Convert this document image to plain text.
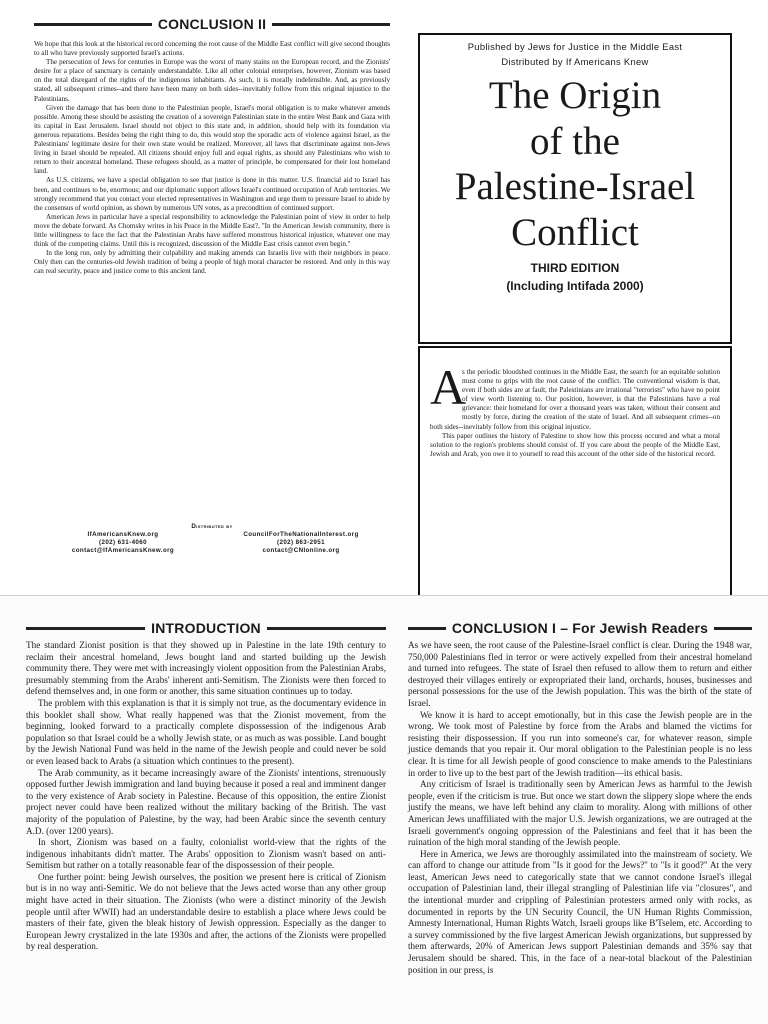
CONCLUSION II

We hope that this look at the historical record concerning the root cause of the Middle East conflict will give second thoughts to all who have previously supported Israel's actions.

The persecution of Jews for centuries in Europe was the worst of many stains on the European record, and the Zionists' desire for a place of sanctuary is certainly understandable. Like all other colonial enterprises, however, Zionism was based on the total disregard of the rights of the indigenous inhabitants. As such, it is morally indefensible. And, as previously stated, all subsequent crimes--and there have been many on both sides--inevitably follow from this original injustice to the Palestinians.

Given the damage that has been done to the Palestinian people, Israel's moral obligation is to make whatever amends possible. Among these should be assisting the creation of a sovereign Palestinian state in the entire West Bank and Gaza with its capital in East Jerusalem. Israel should not object to this state and, in addition, should help with its foundation via generous reparations. Besides being the right thing to do, this would stop the sporadic acts of violence against Israel, as the Palestinians' legitimate desire for their own state would be realized. Moreover, all laws that discriminate against non-Jews living in Israel should be repealed. All citizens should enjoy full and equal rights, as should any Palestinians who wish to return to their ancestral homeland. These refugees should, as a matter of principle, be compensated for their lost homeland land.

As U.S. citizens, we have a special obligation to see that justice is done in this matter. U.S. financial aid to Israel has been, and continues to be, enormous; and our diplomatic support allows Israel's continued occupation of Arab territories. We strongly recommend that you contact your elected representatives in Washington and urge them to pressure Israel to abide by the consensus of world opinion, as shown by numerous UN votes, as a precondition of continued support.

American Jews in particular have a special responsibility to acknowledge the Palestinian point of view in order to help move the debate forward. As Chomsky writes in his Peace in the Middle East?, "In the American Jewish community, there is little willingness to face the fact that the Palestinian Arabs have suffered monstrous historical injustice, whatever one may think of the competing claims. Until this is recognized, discussion of the Middle East crisis cannot even begin."

In the long run, only by admitting their culpability and making amends can Israelis live with their neighbors in peace. Only then can the centuries-old Jewish tradition of being a people of high moral character be restored. And only in this way can real security, peace and justice come to this ancient land.

Distributed by
IfAmericansKnew.org	CouncilForTheNationalInterest.org
(202) 631-4060	(202) 863-2951
contact@IfAmericansKnew.org	contact@CNIonline.org
Published by Jews for Justice in the Middle East
Distributed by If Americans Knew
The Origin
of the
Palestine-Israel
Conflict
THIRD EDITION
(Including Intifada 2000)
A

s the periodic bloodshed continues in the Middle East, the search for an equitable solution must come to grips with the root cause of the conflict. The conventional wisdom is that, even if both sides are at fault, the Palestinians are irrational "terrorists" who have no point of view worth listening to. Our position, however, is that the Palestinians have a real grievance: their homeland for over a thousand years was taken, without their consent and mostly by force, during the creation of the state of Israel. And all subsequent crimes--on both sides--inevitably follow from this original injustice.

This paper outlines the history of Palestine to show how this process occured and what a moral solution to the region's problems should consist of. If you care about the people of the Middle East, Jewish and Arab, you owe it to yourself to read this account of the other side of the historical record.

INTRODUCTION

The standard Zionist position is that they showed up in Palestine in the late 19th century to reclaim their ancestral homeland, Jews bought land and started building up the Jewish community there. They were met with increasingly violent opposition from the Palestinian Arabs, presumably stemming from the Arabs' inherent anti-Semitism. The Zionists were then forced to defend themselves and, in one form or another, this same situation continues up to today.

The problem with this explanation is that it is simply not true, as the documentary evidence in this booklet shall show. What really happened was that the Zionist movement, from the beginning, looked forward to a practically complete dispossession of the indigenous Arab population so that Israel could be a wholly Jewish state, or as much as was possible. Land bought by the Jewish National Fund was held in the name of the Jewish people and could never be sold or even leased back to Arabs (a situation which continues to the present).

The Arab community, as it became increasingly aware of the Zionists' intentions, strenuously opposed further Jewish immigration and land buying because it posed a real and imminent danger to the very existence of Arab society in Palestine. Because of this opposition, the entire Zionist project never could have been realized without the military backing of the British. The vast majority of the population of Palestine, by the way, had been Arabic since the seventh century A.D. (over 1200 years).

In short, Zionism was based on a faulty, colonialist world-view that the rights of the indigenous inhabitants didn't matter. The Arabs' opposition to Zionism wasn't based on anti-Semitism but rather on a totally reasonable fear of the dispossession of their people.

One further point: being Jewish ourselves, the position we present here is critical of Zionism but is in no way anti-Semitic. We do not believe that the Jews acted worse than any other group might have acted in their situation. The Zionists (who were a distinct minority of the Jewish people until after WWII) had an understandable desire to establish a place where Jews could be masters of their fate, given the bleak history of Jewish oppression. Especially as the danger to European Jewry crystalized in the late 1930s and after, the actions of the Zionists were propelled by real desperation.

CONCLUSION I – For Jewish Readers

As we have seen, the root cause of the Palestine-Israel conflict is clear. During the 1948 war, 750,000 Palestinians fled in terror or were actively expelled from their ancestral homeland and turned into refugees. The state of Israel then refused to allow them to return and either destroyed their villages entirely or expropriated their land, orchards, houses, businesses and personal possessions for the use of the Jewish population. This was the birth of the state of Israel.

We know it is hard to accept emotionally, but in this case the Jewish people are in the wrong. We took most of Palestine by force from the Arabs and blamed the victims for resisting their dispossession. If you run into someone's car, for whatever reason, simple justice demands that you repair it. Our moral obligation to the Palestinian people is no less clear. It is time for all Jewish people of good conscience to make amends to the Palestinians in order to live up to the best part of the Jewish tradition—its ethical basis.

Any criticism of Israel is traditionally seen by American Jews as harmful to the Jewish people, even if the criticism is true. But once we start down the slippery slope where the ends justify the means, we have left behind any claim to morality. Along with millions of other American Jews unaffiliated with the major U.S. Jewish organizations, we are outraged at the Israeli government's ongoing oppression of the Palestinians and feel that it has been the ruination of the high moral standing of the Jewish people.

Here in America, we Jews are thoroughly assimilated into the mainstream of society. We can afford to change our attitude from "Is it good for the Jews?" to "Is it good?" At the very least, American Jews need to categorically state that we cannot condone Israel's illegal occupation of Palestinian land, their illegal strangling of Palestinian life via "closures", and the intentional murder and crippling of Palestinian protesters armed only with rocks, as documented in reports by the UN Security Council, the UN Human Rights Commission, Amnesty International, Human Rights Watch, Israeli groups like B'Tselem, etc. According to a survey commissioned by the five largest American Jewish organizations, but suppressed by them afterwards, 20% of American Jews support Palestinian demands and 35% say that Jerusalem should be shared. This, in the face of a near-total blackout of the Palestinian position in our press, is
